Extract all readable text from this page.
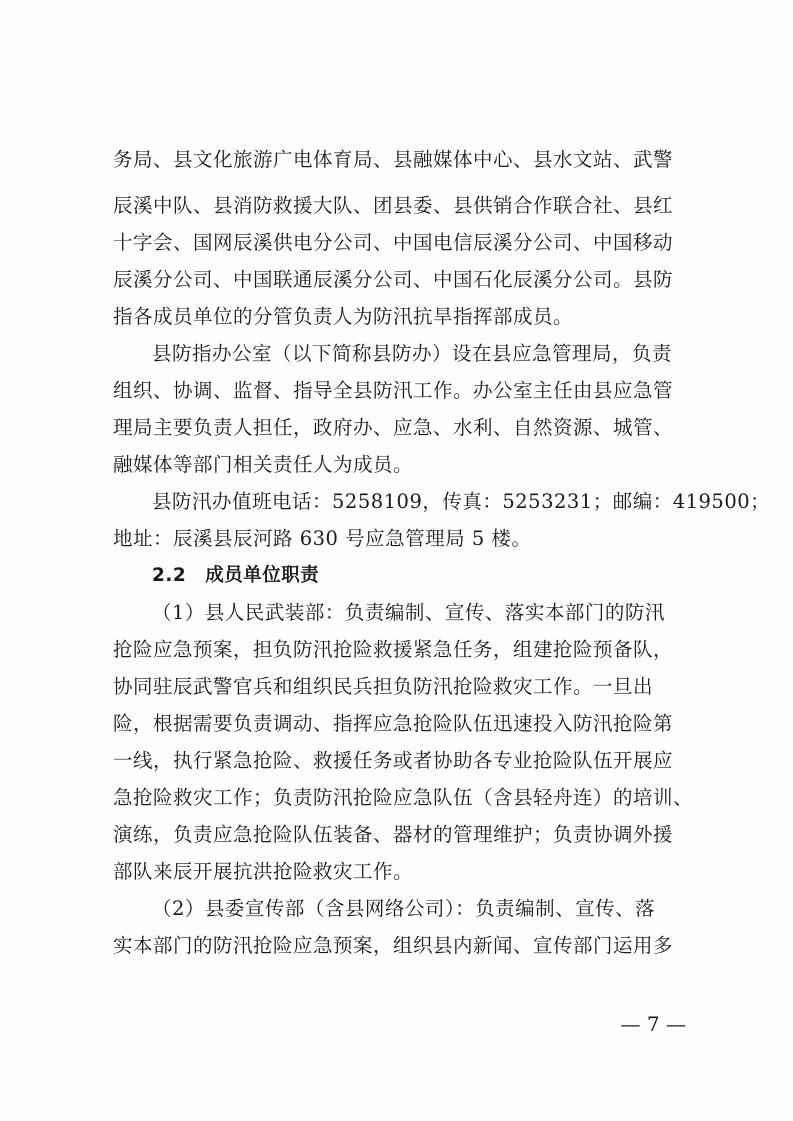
务局、县文化旅游广电体育局、县融媒体中心、县水文站、武警
辰溪中队、县消防救援大队、团县委、县供销合作联合社、县红
十字会、国网辰溪供电分公司、中国电信辰溪分公司、中国移动
辰溪分公司、中国联通辰溪分公司、中国石化辰溪分公司。县防
指各成员单位的分管负责人为防汛抗旱指挥部成员。
县防指办公室（以下简称县防办）设在县应急管理局，负责
组织、协调、监督、指导全县防汛工作。办公室主任由县应急管
理局主要负责人担任，政府办、应急、水利、自然资源、城管、
融媒体等部门相关责任人为成员。
县防汛办值班电话：5258109，传真：5253231；邮编：419500；
地址：辰溪县辰河路 630 号应急管理局 5 楼。
2.2　成员单位职责
（1）县人民武装部：负责编制、宣传、落实本部门的防汛
抢险应急预案，担负防汛抢险救援紧急任务，组建抢险预备队，
协同驻辰武警官兵和组织民兵担负防汛抢险救灾工作。一旦出
险，根据需要负责调动、指挥应急抢险队伍迅速投入防汛抢险第
一线，执行紧急抢险、救援任务或者协助各专业抢险队伍开展应
急抢险救灾工作；负责防汛抢险应急队伍（含县轻舟连）的培训、
演练，负责应急抢险队伍装备、器材的管理维护；负责协调外援
部队来辰开展抗洪抢险救灾工作。
（2）县委宣传部（含县网络公司）：负责编制、宣传、落
实本部门的防汛抢险应急预案，组织县内新闻、宣传部门运用多
— 7 —
